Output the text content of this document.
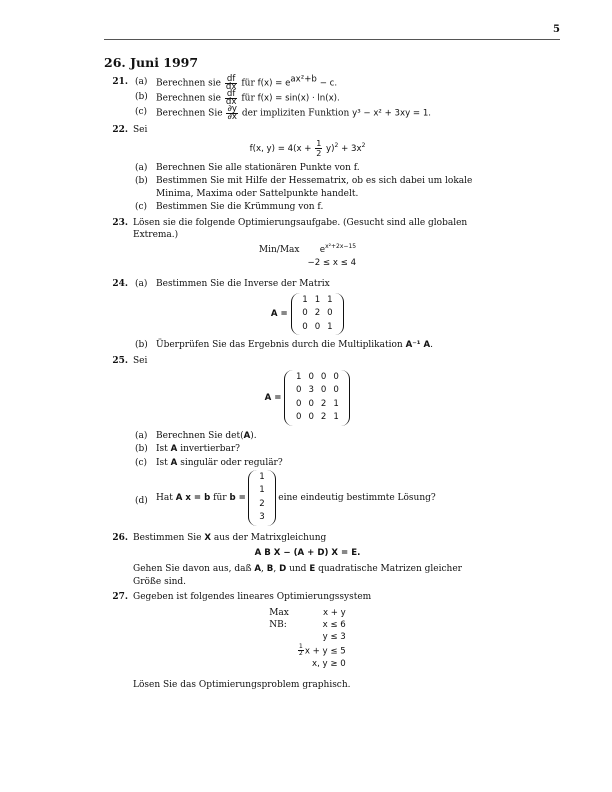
5
26. Juni 1997
21. (a) Berechnen sie $\frac{df}{dx}$ für $f(x) = e^{ax^2+b} - c$.
(b) Berechnen sie $\frac{df}{dx}$ für f(x) = sin(x) · ln(x).
(c) Berechnen Sie $\frac{\partial y}{\partial x}$ der impliziten Funktion y³ − x² + 3xy = 1.
22. Sei
f(x, $y) = 4(x + \frac{1}{2} y)^2 + 3x^2$
(a) Berechnen Sie alle stationären Punkte von f.
(b) Bestimmen Sie mit Hilfe der Hessematrix, ob es sich dabei um lokale Minima, Maxima oder Sattelpunkte handelt.
(c) Bestimmen Sie die Krümmung von f.
23. Lösen sie die folgende Optimierungsaufgabe. (Gesucht sind alle globalen Extrema.)
Min/Max	$e^{x^2+2x-15}$
	−2 ≤ x ≤ 4
24. (a) Bestimmen Sie die Inverse der Matrix
A =
1	1	1
0	2	0
0	0	1
(b) Überprüfen Sie das Ergebnis durch die Multiplikation A⁻¹ A.
25. Sei
A =
1	0	0	0
0	3	0	0
0	0	2	1
0	0	2	1
(a) Berechnen Sie det(A).
(b) Ist A invertierbar?
(c) Ist A singulär oder regulär?
(d) Hat
A x = b
für
b =
1
1
2
3
eine eindeutig bestimmte Lösung?
26. Bestimmen Sie X aus der Matrixgleichung
A B X − (A + D) X = E.
Gehen Sie davon aus, daß A, B, D und E quadratische Matrizen gleicher Größe sind.
27. Gegeben ist folgendes lineares Optimierungssystem
Max	x + y
NB:	x ≤ 6
	y ≤ 3

	$\frac{1}{2}$ x + y ≤ 5
	x, y ≥ 0
Lösen Sie das Optimierungsproblem graphisch.
